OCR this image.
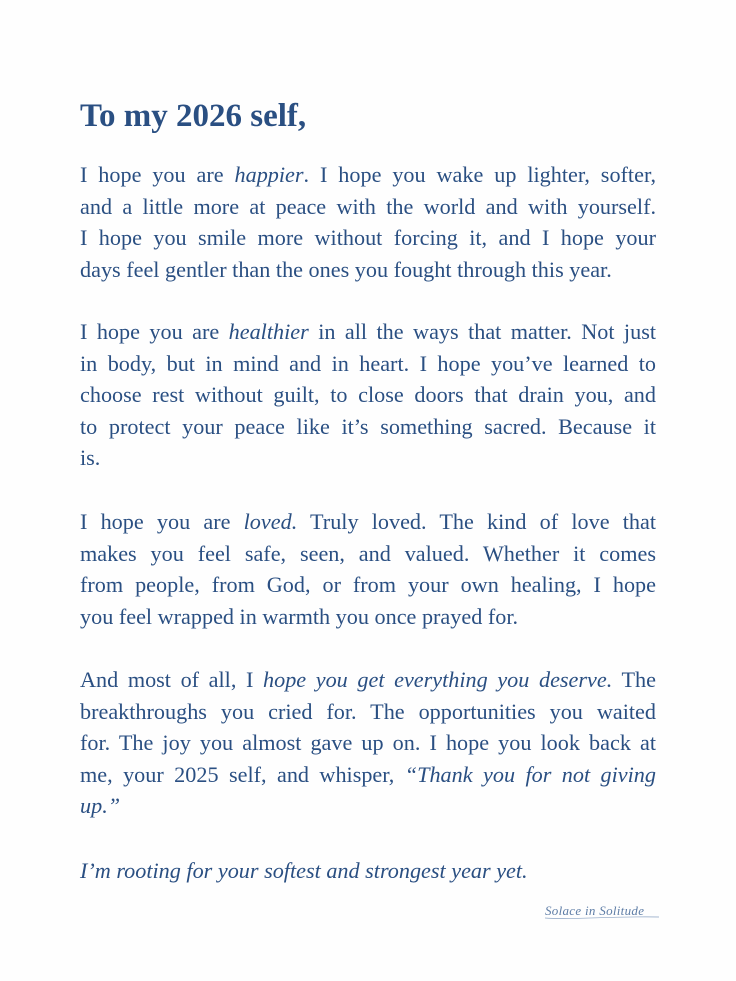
To my 2026 self,

I hope you are happier. I hope you wake up lighter, softer,
and a little more at peace with the world and with yourself.
I hope you smile more without forcing it, and I hope your
days feel gentler than the ones you fought through this year.

I hope you are healthier in all the ways that matter. Not just
in body, but in mind and in heart. I hope you’ve learned to
choose rest without guilt, to close doors that drain you, and
to protect your peace like it’s something sacred. Because it
is.

I hope you are loved. Truly loved. The kind of love that
makes you feel safe, seen, and valued. Whether it comes
from people, from God, or from your own healing, I hope
you feel wrapped in warmth you once prayed for.

And most of all, I hope you get everything you deserve. The
breakthroughs you cried for. The opportunities you waited
for. The joy you almost gave up on. I hope you look back at
me, your 2025 self, and whisper, “Thank you for not giving
up.”

I’m rooting for your softest and strongest year yet.

Solace in Solitude
